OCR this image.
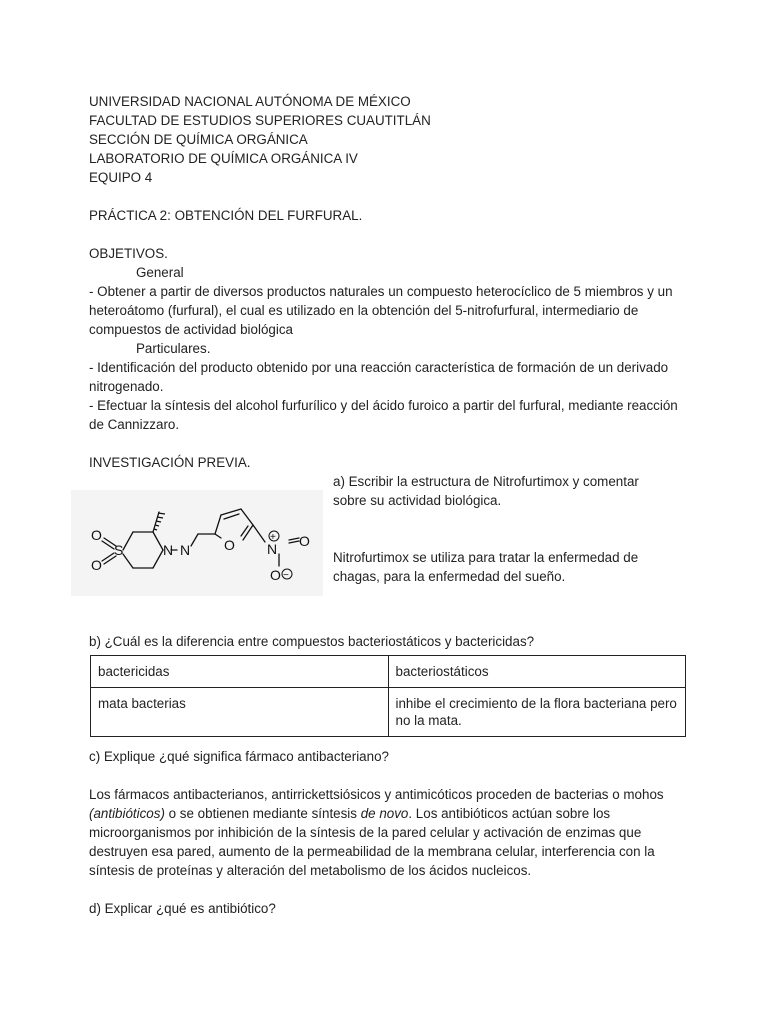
UNIVERSIDAD NACIONAL AUTÓNOMA DE MÉXICO
FACULTAD DE ESTUDIOS SUPERIORES CUAUTITLÁN
SECCIÓN DE QUÍMICA ORGÁNICA
LABORATORIO DE QUÍMICA ORGÁNICA IV
EQUIPO 4
PRÁCTICA 2: OBTENCIÓN DEL FURFURAL.
OBJETIVOS.
General
- Obtener a partir de diversos productos naturales un compuesto heterocíclico de 5 miembros y un heteroátomo (furfural), el cual es utilizado en la obtención del 5-nitrofurfural, intermediario de compuestos de actividad biológica
Particulares.
- Identificación del producto obtenido por una reacción característica de formación de un derivado nitrogenado.
- Efectuar la síntesis del alcohol furfurílico y del ácido furoico a partir del furfural, mediante reacción de Cannizzaro.
INVESTIGACIÓN PREVIA.
O
S
O
N N O N O
O
+
−
a) Escribir la estructura de Nitrofurtimox y comentar sobre su actividad biológica.
Nitrofurtimox se utiliza para tratar la enfermedad de chagas, para la enfermedad del sueño.
b) ¿Cuál es la diferencia entre compuestos bacteriostáticos y bactericidas?
bactericidas	bacteriostáticos
mata bacterias	inhibe el crecimiento de la flora bacteriana pero no la mata.
c) Explique ¿qué significa fármaco antibacteriano?
Los fármacos antibacterianos, antirrickettsiósicos y antimicóticos proceden de bacterias o mohos (antibióticos) o se obtienen mediante síntesis de novo. Los antibióticos actúan sobre los microorganismos por inhibición de la síntesis de la pared celular y activación de enzimas que destruyen esa pared, aumento de la permeabilidad de la membrana celular, interferencia con la síntesis de proteínas y alteración del metabolismo de los ácidos nucleicos.
d) Explicar ¿qué es antibiótico?
